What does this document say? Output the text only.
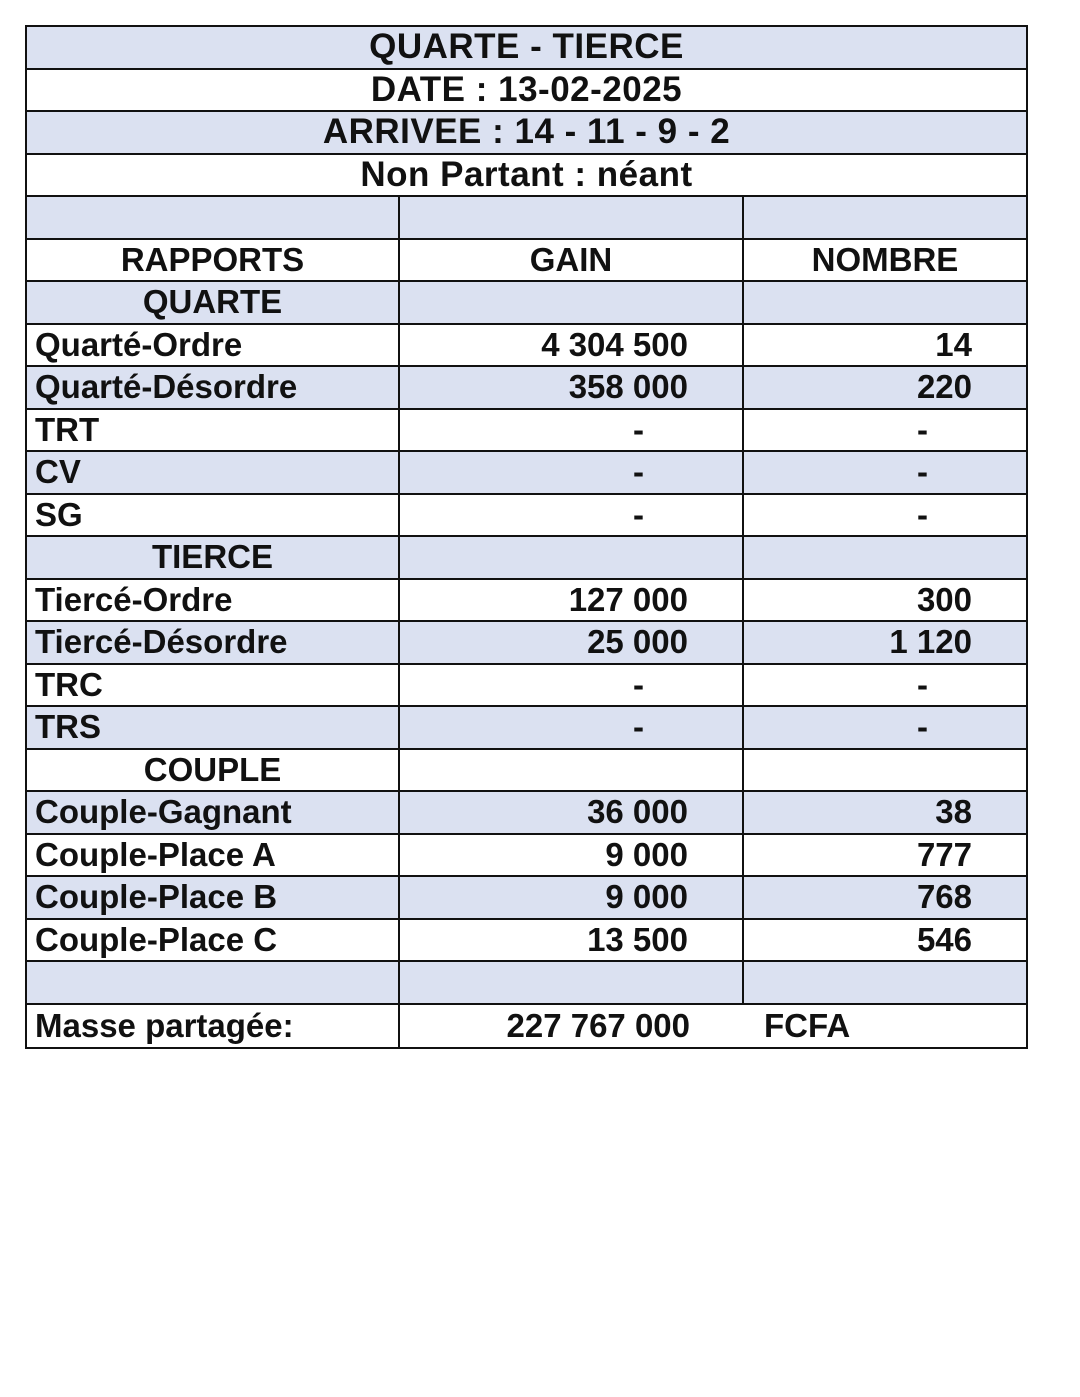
QUARTE - TIERCE
DATE : 13-02-2025
ARRIVEE : 14 - 11 - 9 - 2
Non Partant : néant
RAPPORTS	GAIN	NOMBRE
QUARTE
Quarté-Ordre	4 304 500	14
Quarté-Désordre	358 000	220
TRT	-	-
CV	-	-
SG	-	-
TIERCE
Tiercé-Ordre	127 000	300
Tiercé-Désordre	25 000	1 120
TRC	-	-
TRS	-	-
COUPLE
Couple-Gagnant	36 000	38
Couple-Place A	9 000	777
Couple-Place B	9 000	768
Couple-Place C	13 500	546
Masse partagée:	227 767 000	FCFA
